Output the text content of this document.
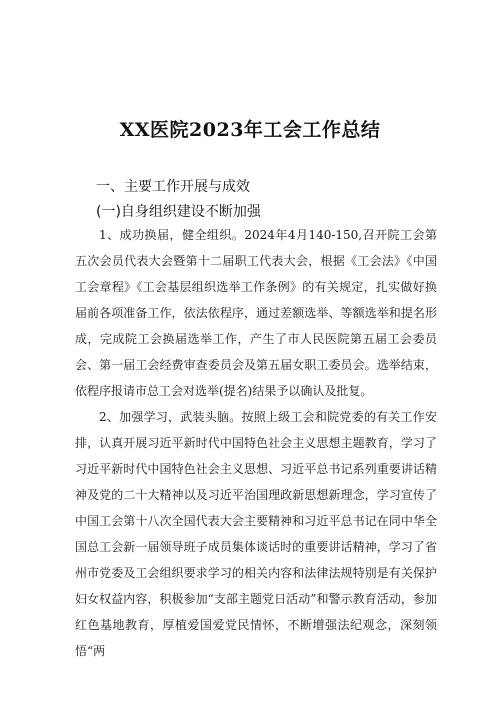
XX医院2023年工会工作总结
一、主要工作开展与成效
(一)自身组织建设不断加强

1、成功换届，健全组织。2024年4月140-150,召开院工会第五次会员代表大会暨第十二届职工代表大会，根据《工会法》《中国工会章程》《工会基层组织选举工作条例》的有关规定，扎实做好换届前各项准备工作，依法依程序，通过差额选举、等额选举和提名形成，完成院工会换届选举工作，产生了市人民医院第五届工会委员会、第一届工会经费审查委员会及第五届女职工委员会。选举结束，依程序报请市总工会对选举(提名)结果予以确认及批复。

2、加强学习，武装头脑。按照上级工会和院党委的有关工作安排，认真开展习近平新时代中国特色社会主义思想主题教育，学习了习近平新时代中国特色社会主义思想、习近平总书记系列重要讲话精神及党的二十大精神以及习近平治国理政新思想新理念，学习宣传了中国工会第十八次全国代表大会主要精神和习近平总书记在同中华全国总工会新一届领导班子成员集体谈话时的重要讲话精神，学习了省州市党委及工会组织要求学习的相关内容和法律法规特别是有关保护妇女权益内容，积极参加“支部主题党日活动”和警示教育活动，参加红色基地教育，厚植爱国爱党民情怀，不断增强法纪观念，深刻领悟“两
